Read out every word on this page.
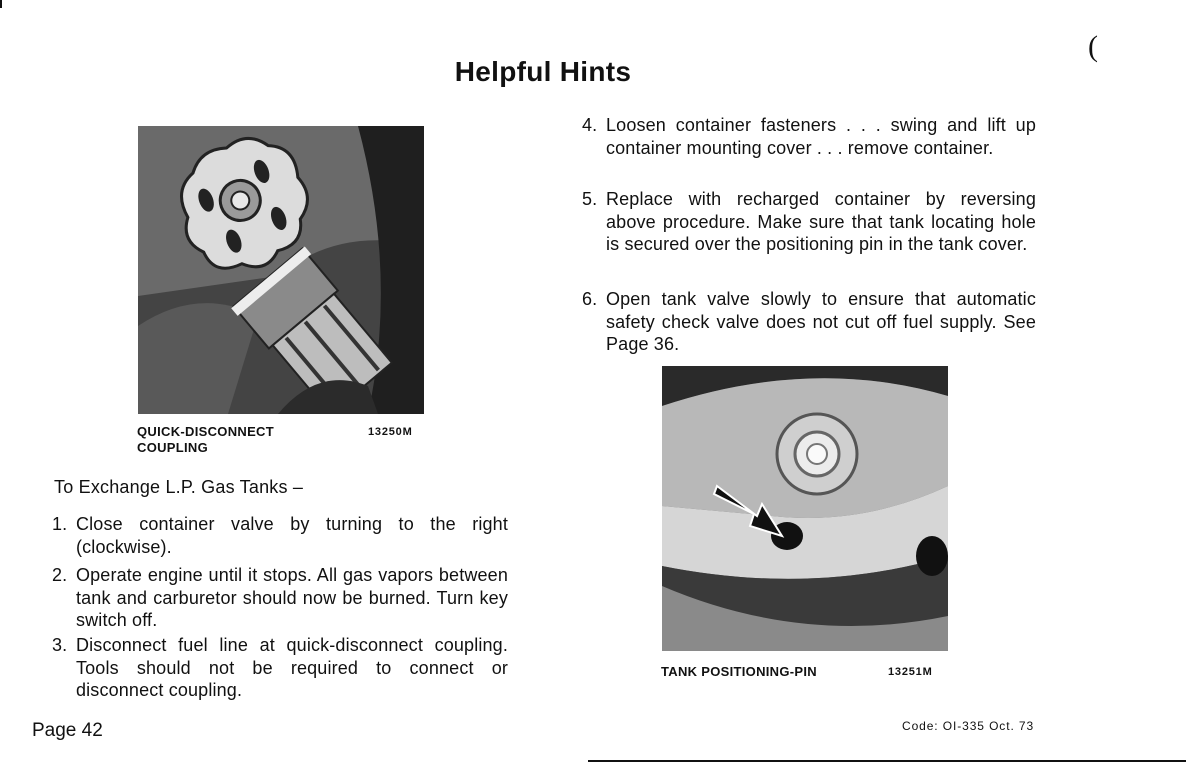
Helpful Hints
(
QUICK-DISCONNECT
COUPLING
13250M
To Exchange L.P. Gas Tanks –
1. Close container valve by turning to the right (clockwise).
2. Operate engine until it stops. All gas vapors between tank and carburetor should now be burned. Turn key switch off.
3. Disconnect fuel line at quick-disconnect coupling. Tools should not be required to connect or disconnect coupling.
4. Loosen container fasteners . . . swing and lift up container mounting cover . . . remove container.
5. Replace with recharged container by reversing above procedure. Make sure that tank locating hole is secured over the positioning pin in the tank cover.
6. Open tank valve slowly to ensure that automatic safety check valve does not cut off fuel supply. See Page 36.
TANK POSITIONING-PIN	13251M
Page 42	Code: OI-335 Oct. 73
